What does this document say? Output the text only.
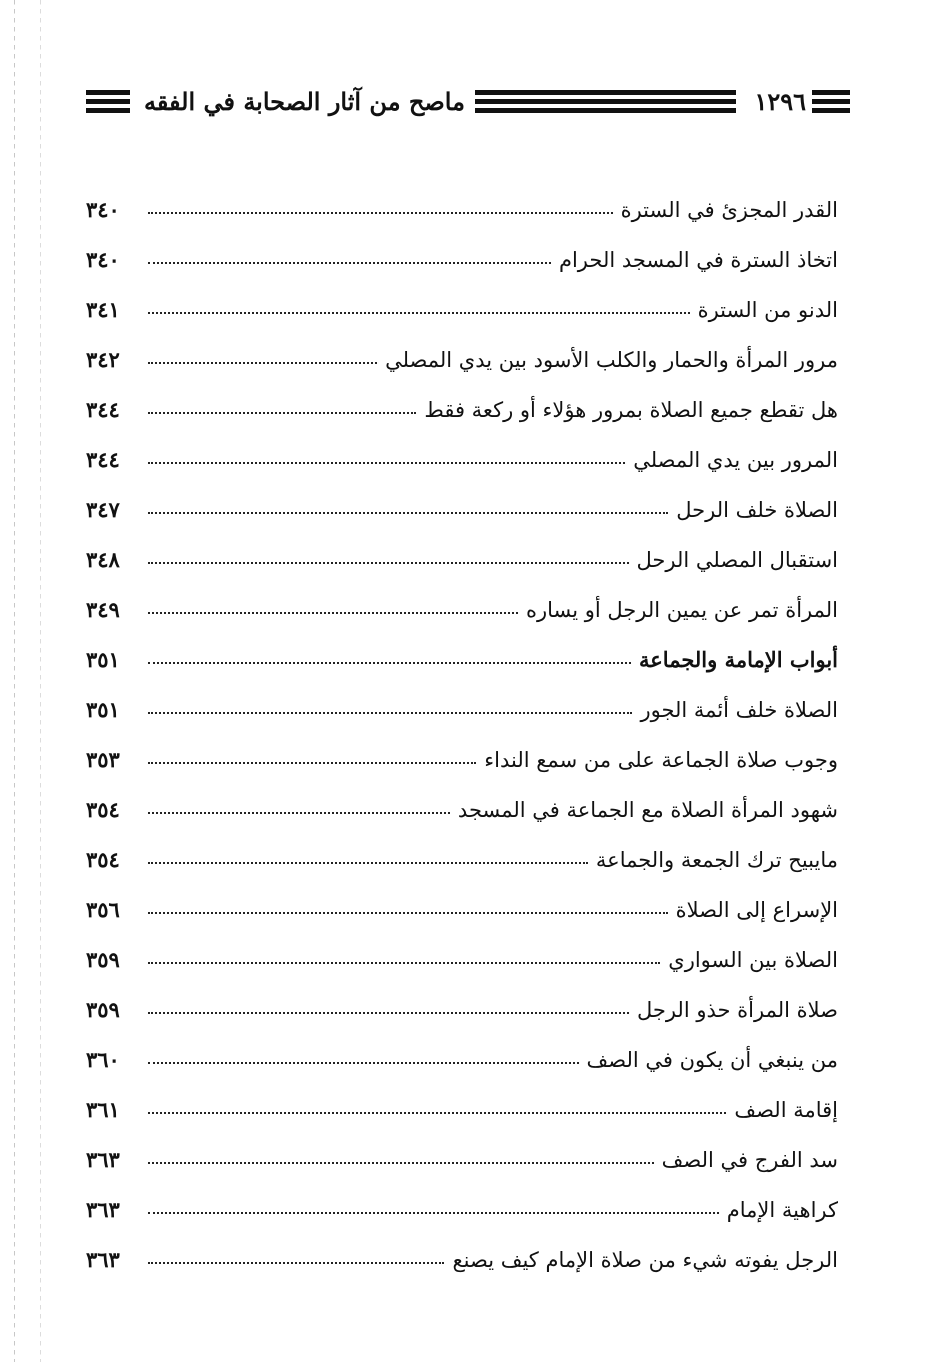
١٢٩٦
ماصح من آثار الصحابة في الفقه
القدر المجزئ في السترة
٣٤٠
اتخاذ السترة في المسجد الحرام
٣٤٠
الدنو من السترة
٣٤١
مرور المرأة والحمار والكلب الأسود بين يدي المصلي
٣٤٢
هل تقطع جميع الصلاة بمرور هؤلاء أو ركعة فقط
٣٤٤
المرور بين يدي المصلي
٣٤٤
الصلاة خلف الرحل
٣٤٧
استقبال المصلي الرحل
٣٤٨
المرأة تمر عن يمين الرجل أو يساره
٣٤٩
أبواب الإمامة والجماعة
٣٥١
الصلاة خلف أئمة الجور
٣٥١
وجوب صلاة الجماعة على من سمع النداء
٣٥٣
شهود المرأة الصلاة مع الجماعة في المسجد
٣٥٤
مايبيح ترك الجمعة والجماعة
٣٥٤
الإسراع إلى الصلاة
٣٥٦
الصلاة بين السواري
٣٥٩
صلاة المرأة حذو الرجل
٣٥٩
من ينبغي أن يكون في الصف
٣٦٠
إقامة الصف
٣٦١
سد الفرج في الصف
٣٦٣
كراهية الإمام
٣٦٣
الرجل يفوته شيء من صلاة الإمام كيف يصنع
٣٦٣
